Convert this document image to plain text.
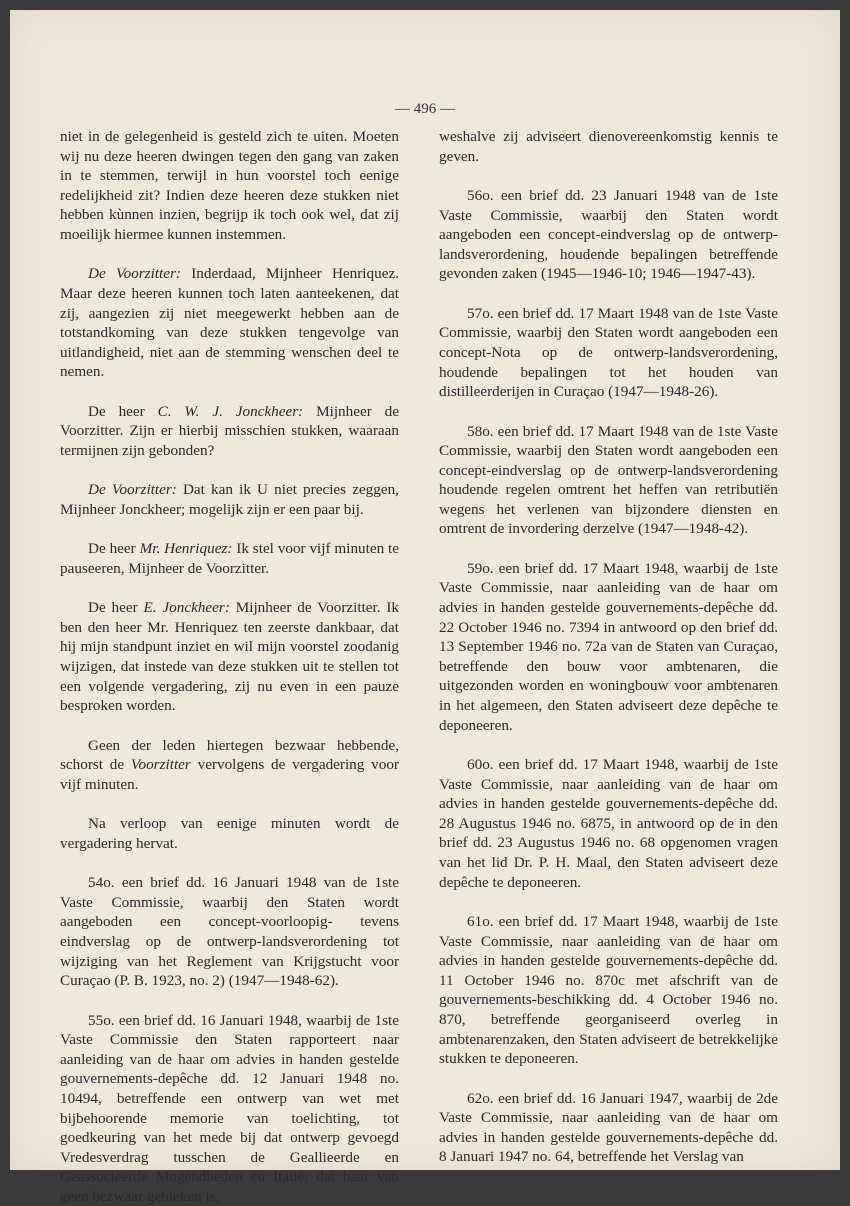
— 496 —

niet in de gelegenheid is gesteld zich te uiten. Moeten wij nu deze heeren dwingen tegen den gang van zaken in te stemmen, terwijl in hun voorstel toch eenige redelijkheid zit? Indien deze heeren deze stukken niet hebben kùnnen inzien, begrijp ik toch ook wel, dat zij moeilijk hiermee kunnen instemmen.

De Voorzitter: Inderdaad, Mijnheer Henriquez. Maar deze heeren kunnen toch laten aanteekenen, dat zij, aangezien zij niet meegewerkt hebben aan de totstandkoming van deze stukken tengevolge van uitlandigheid, niet aan de stemming wenschen deel te nemen.

De heer C. W. J. Jonckheer: Mijnheer de Voorzitter. Zijn er hierbij misschien stukken, waaraan termijnen zijn gebonden?

De Voorzitter: Dat kan ik U niet precies zeggen, Mijnheer Jonckheer; mogelijk zijn er een paar bij.

De heer Mr. Henriquez: Ik stel voor vijf minuten te pauseeren, Mijnheer de Voorzitter.

De heer E. Jonckheer: Mijnheer de Voorzitter. Ik ben den heer Mr. Henriquez ten zeerste dankbaar, dat hij mijn standpunt inziet en wil mijn voorstel zoodanig wijzigen, dat instede van deze stukken uit te stellen tot een volgende vergadering, zij nu even in een pauze besproken worden.

Geen der leden hiertegen bezwaar hebbende, schorst de Voorzitter vervolgens de vergadering voor vijf minuten.

Na verloop van eenige minuten wordt de vergadering hervat.

54o. een brief dd. 16 Januari 1948 van de 1ste Vaste Commissie, waarbij den Staten wordt aangeboden een concept-voorloopig- tevens eindverslag op de ontwerp-landsverordening tot wijziging van het Reglement van Krijgstucht voor Curaçao (P. B. 1923, no. 2) (1947—1948-62).

55o. een brief dd. 16 Januari 1948, waarbij de 1ste Vaste Commissie den Staten rapporteert naar aanleiding van de haar om advies in handen gestelde gouvernements-depêche dd. 12 Januari 1948 no. 10494, betreffende een ontwerp van wet met bijbehoorende memorie van toelichting, tot goedkeuring van het mede bij dat ontwerp gevoegd Vredesverdrag tusschen de Geallieerde en Geassocieerde Mogendheden en Italië, dat haar van geen bezwaar gebleken is,

weshalve zij adviseert dienovereenkomstig kennis te geven.

56o. een brief dd. 23 Januari 1948 van de 1ste Vaste Commissie, waarbij den Staten wordt aangeboden een concept-eindverslag op de ontwerp-landsverordening, houdende bepalingen betreffende gevonden zaken (1945—1946-10; 1946—1947-43).

57o. een brief dd. 17 Maart 1948 van de 1ste Vaste Commissie, waarbij den Staten wordt aangeboden een concept-Nota op de ontwerp-landsverordening, houdende bepalingen tot het houden van distilleerderijen in Curaçao (1947—1948-26).

58o. een brief dd. 17 Maart 1948 van de 1ste Vaste Commissie, waarbij den Staten wordt aangeboden een concept-eindverslag op de ontwerp-landsverordening houdende regelen omtrent het heffen van retributiën wegens het verlenen van bijzondere diensten en omtrent de invordering derzelve (1947—1948-42).

59o. een brief dd. 17 Maart 1948, waarbij de 1ste Vaste Commissie, naar aanleiding van de haar om advies in handen gestelde gouvernements-depêche dd. 22 October 1946 no. 7394 in antwoord op den brief dd. 13 September 1946 no. 72a van de Staten van Curaçao, betreffende den bouw voor ambtenaren, die uitgezonden worden en woningbouw voor ambtenaren in het algemeen, den Staten adviseert deze depêche te deponeeren.

60o. een brief dd. 17 Maart 1948, waarbij de 1ste Vaste Commissie, naar aanleiding van de haar om advies in handen gestelde gouvernements-depêche dd. 28 Augustus 1946 no. 6875, in antwoord op de in den brief dd. 23 Augustus 1946 no. 68 opgenomen vragen van het lid Dr. P. H. Maal, den Staten adviseert deze depêche te deponeeren.

61o. een brief dd. 17 Maart 1948, waarbij de 1ste Vaste Commissie, naar aanleiding van de haar om advies in handen gestelde gouvernements-depêche dd. 11 October 1946 no. 870c met afschrift van de gouvernements-beschikking dd. 4 October 1946 no. 870, betreffende georganiseerd overleg in ambtenarenzaken, den Staten adviseert de betrekkelijke stukken te deponeeren.

62o. een brief dd. 16 Januari 1947, waarbij de 2de Vaste Commissie, naar aanleiding van de haar om advies in handen gestelde gouvernements-depêche dd. 8 Januari 1947 no. 64, betreffende het Verslag van
